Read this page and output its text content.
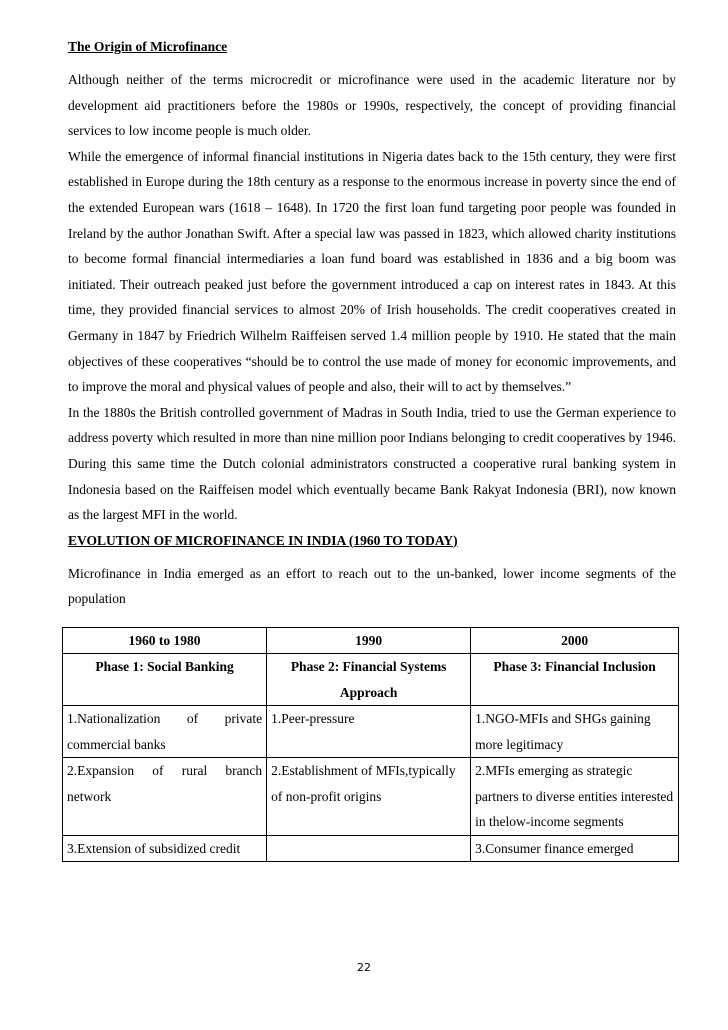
The Origin of Microfinance

Although neither of the terms microcredit or microfinance were used in the academic literature nor by development aid practitioners before the 1980s or 1990s, respectively, the concept of providing financial services to low income people is much older.

While the emergence of informal financial institutions in Nigeria dates back to the 15th century, they were first established in Europe during the 18th century as a response to the enormous increase in poverty since the end of the extended European wars (1618 – 1648). In 1720 the first loan fund targeting poor people was founded in Ireland by the author Jonathan Swift. After a special law was passed in 1823, which allowed charity institutions to become formal financial intermediaries a loan fund board was established in 1836 and a big boom was initiated. Their outreach peaked just before the government introduced a cap on interest rates in 1843. At this time, they provided financial services to almost 20% of Irish households. The credit cooperatives created in Germany in 1847 by Friedrich Wilhelm Raiffeisen served 1.4 million people by 1910. He stated that the main objectives of these cooperatives “should be to control the use made of money for economic improvements, and to improve the moral and physical values of people and also, their will to act by themselves.”

In the 1880s the British controlled government of Madras in South India, tried to use the German experience to address poverty which resulted in more than nine million poor Indians belonging to credit cooperatives by 1946. During this same time the Dutch colonial administrators constructed a cooperative rural banking system in Indonesia based on the Raiffeisen model which eventually became Bank Rakyat Indonesia (BRI), now known as the largest MFI in the world.

EVOLUTION OF MICROFINANCE IN INDIA (1960 TO TODAY)

Microfinance in India emerged as an effort to reach out to the un-banked, lower income segments of the population

1960 to 1980	1990	2000
Phase 1: Social Banking	Phase 2: Financial Systems Approach	Phase 3: Financial Inclusion
1.Nationalization of private commercial banks	1.Peer-pressure	1.NGO-MFIs and SHGs gaining more legitimacy
2.Expansion of rural branch network	2.Establishment of MFIs,typically of non-profit origins	2.MFIs emerging as strategic partners to diverse entities interested in thelow-income segments
3.Extension of subsidized credit		3.Consumer finance emerged
22
